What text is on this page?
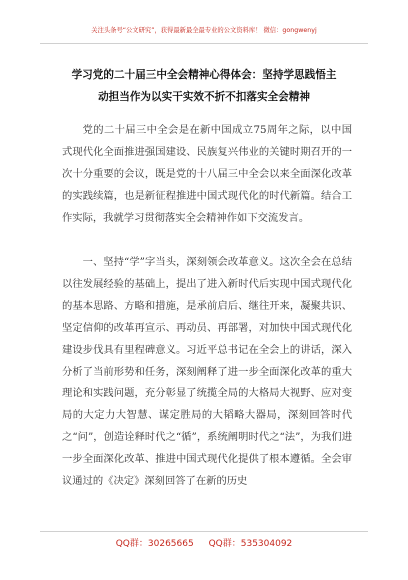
关注头条号“公文研究”，获得最新最全最专业的公文资料库！ 微信：gongwenyj
学习党的二十届三中全会精神心得体会：坚持学思践悟主
动担当作为以实干实效不折不扣落实全会精神
党的二十届三中全会是在新中国成立75周年之际，以中国式现代化全面推进强国建设、民族复兴伟业的关键时期召开的一次十分重要的会议，既是党的十八届三中全会以来全面深化改革的实践续篇，也是新征程推进中国式现代化的时代新篇。结合工作实际，我就学习贯彻落实全会精神作如下交流发言。
一、坚持“学”字当头，深刻领会改革意义。这次全会在总结以往发展经验的基础上，提出了进入新时代后实现中国式现代化的基本思路、方略和措施，是承前启后、继往开来，凝聚共识、坚定信仰的改革再宣示、再动员、再部署，对加快中国式现代化建设步伐具有里程碑意义。习近平总书记在全会上的讲话，深入分析了当前形势和任务，深刻阐释了进一步全面深化改革的重大理论和实践问题，充分彰显了统揽全局的大格局大视野、应对变局的大定力大智慧、谋定胜局的大韬略大器局，深刻回答时代之“问”，创造诠释时代之“循”，系统阐明时代之“法”，为我们进一步全面深化改革、推进中国式现代化提供了根本遵循。全会审议通过的《决定》深刻回答了在新的历史
QQ群：30265665 QQ群：535304092
